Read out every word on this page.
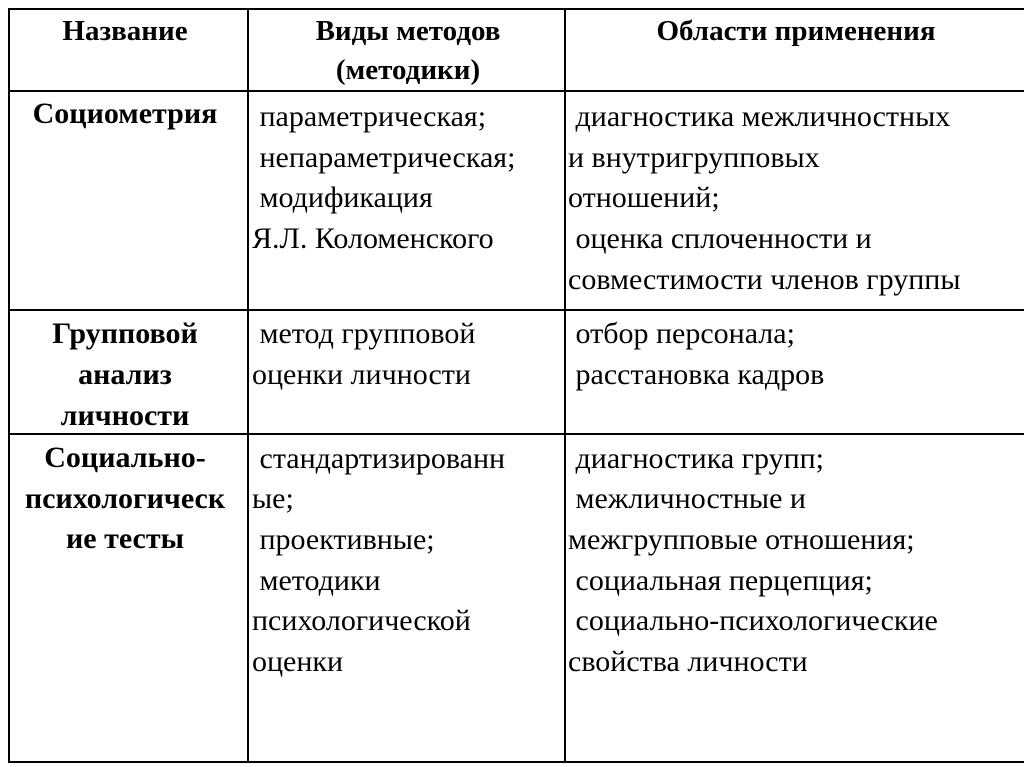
Название	Виды методов
(методики)
Области применения
Социометрия	параметрическая;
непараметрическая;
модификация
Я.Л. Коломенского
диагностика межличностных
и внутригрупповых
отношений;
оценка сплоченности и
совместимости членов группы
Групповой
анализ
личности
метод групповой
оценки личности
отбор персонала;
расстановка кадров
Социально-
психологическ
ие тесты
стандартизированн
ые;
проективные;
методики
психологической
оценки
диагностика групп;
межличностные и
межгрупповые отношения;
социальная перцепция;
социально-психологические
свойства личности
